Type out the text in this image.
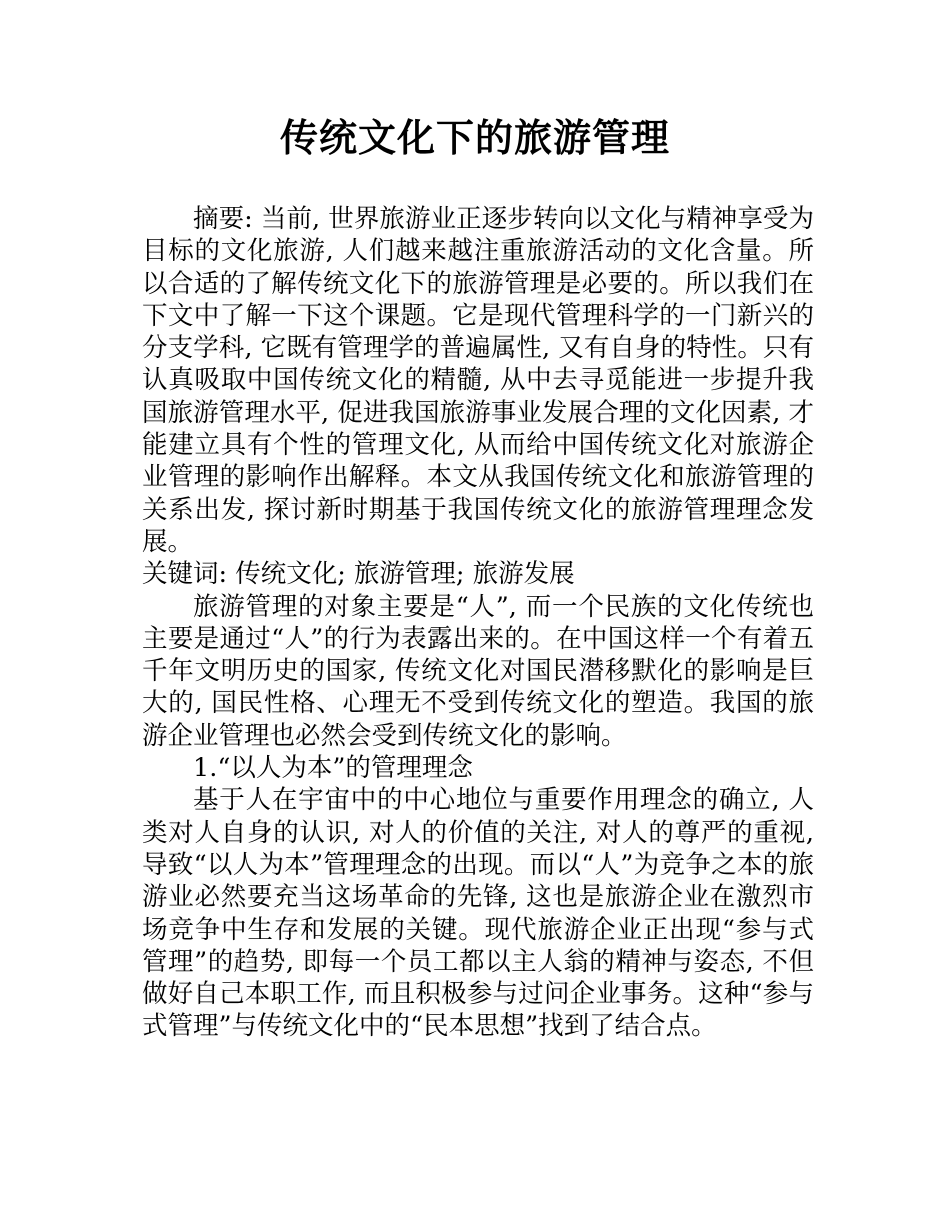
传统文化下的旅游管理

摘要: 当前, 世界旅游业正逐步转向以文化与精神享受为目标的文化旅游, 人们越来越注重旅游活动的文化含量。所以合适的了解传统文化下的旅游管理是必要的。所以我们在下文中了解一下这个课题。它是现代管理科学的一门新兴的分支学科, 它既有管理学的普遍属性, 又有自身的特性。只有认真吸取中国传统文化的精髓, 从中去寻觅能进一步提升我国旅游管理水平, 促进我国旅游事业发展合理的文化因素, 才能建立具有个性的管理文化, 从而给中国传统文化对旅游企业管理的影响作出解释。本文从我国传统文化和旅游管理的关系出发, 探讨新时期基于我国传统文化的旅游管理理念发展。

关键词: 传统文化; 旅游管理; 旅游发展

旅游管理的对象主要是“人”, 而一个民族的文化传统也主要是通过“人”的行为表露出来的。在中国这样一个有着五千年文明历史的国家, 传统文化对国民潜移默化的影响是巨大的, 国民性格、心理无不受到传统文化的塑造。我国的旅游企业管理也必然会受到传统文化的影响。

1.“以人为本”的管理理念

基于人在宇宙中的中心地位与重要作用理念的确立, 人类对人自身的认识, 对人的价值的关注, 对人的尊严的重视, 导致“以人为本”管理理念的出现。而以“人”为竞争之本的旅游业必然要充当这场革命的先锋, 这也是旅游企业在激烈市场竞争中生存和发展的关键。现代旅游企业正出现“参与式管理”的趋势, 即每一个员工都以主人翁的精神与姿态, 不但做好自己本职工作, 而且积极参与过问企业事务。这种“参与式管理”与传统文化中的“民本思想”找到了结合点。
